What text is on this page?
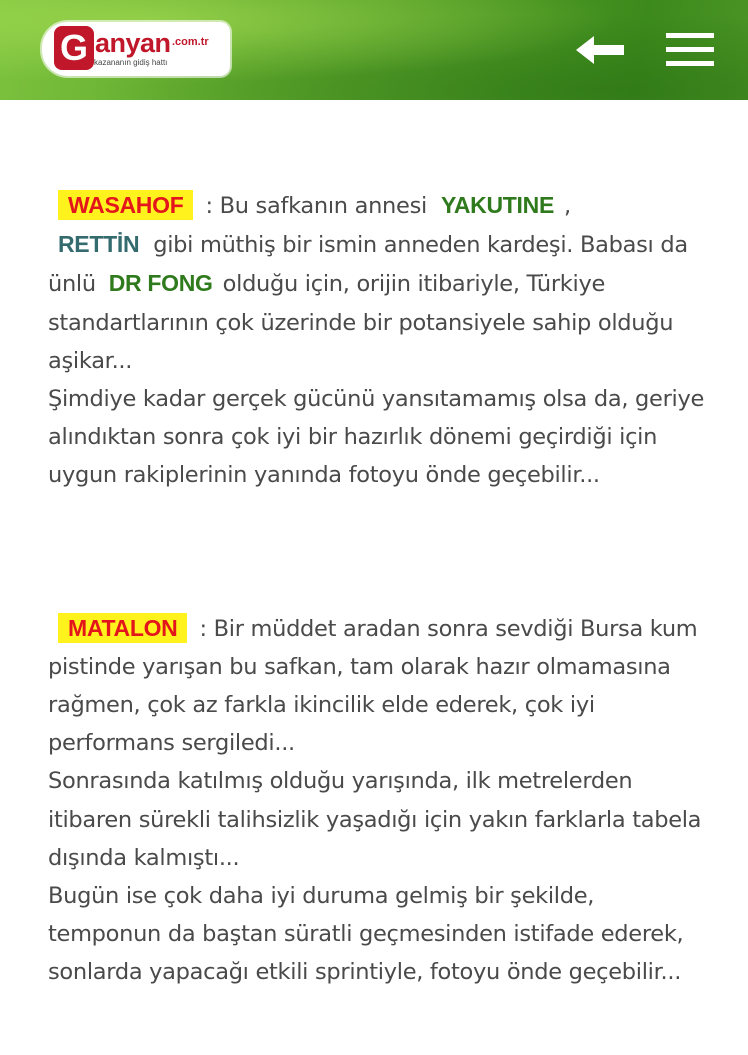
G anyan .com.tr
kazananın gidiş hattı

WASAHOF : Bu safkanın annesi YAKUTINE ,
RETTİN gibi müthiş bir ismin anneden kardeşi. Babası da ünlü DR FONG olduğu için, orijin itibariyle, Türkiye standartlarının çok üzerinde bir potansiyele sahip olduğu aşikar...
Şimdiye kadar gerçek gücünü yansıtamamış olsa da, geriye alındıktan sonra çok iyi bir hazırlık dönemi geçirdiği için uygun rakiplerinin yanında fotoyu önde geçebilir...

MATALON : Bir müddet aradan sonra sevdiği Bursa kum pistinde yarışan bu safkan, tam olarak hazır olmamasına rağmen, çok az farkla ikincilik elde ederek, çok iyi performans sergiledi...
Sonrasında katılmış olduğu yarışında, ilk metrelerden itibaren sürekli talihsizlik yaşadığı için yakın farklarla tabela dışında kalmıştı...
Bugün ise çok daha iyi duruma gelmiş bir şekilde, temponun da baştan süratli geçmesinden istifade ederek, sonlarda yapacağı etkili sprintiyle, fotoyu önde geçebilir...
